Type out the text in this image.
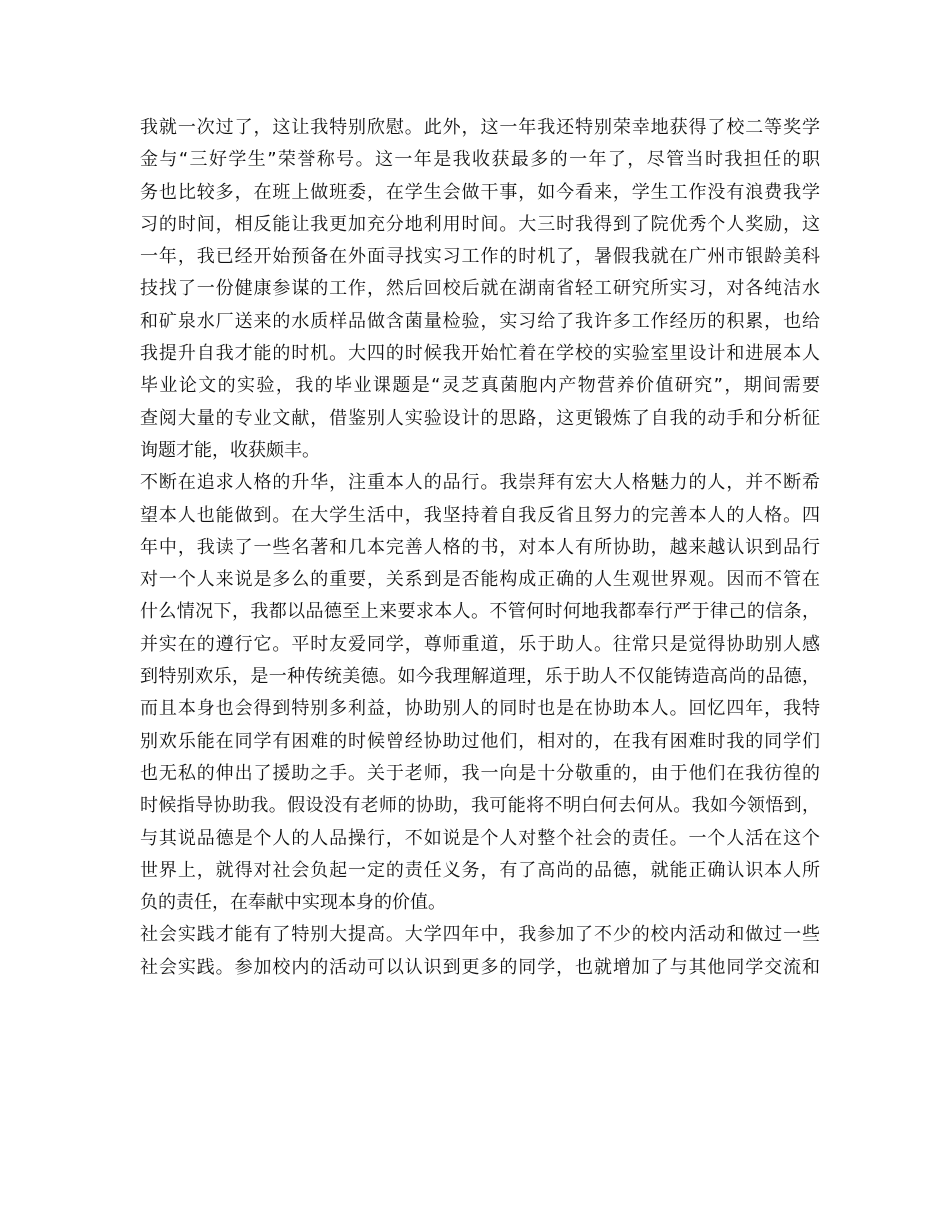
我就一次过了，这让我特别欣慰。此外，这一年我还特别荣幸地获得了校二等奖学
金与“三好学生”荣誉称号。这一年是我收获最多的一年了，尽管当时我担任的职
务也比较多，在班上做班委，在学生会做干事，如今看来，学生工作没有浪费我学
习的时间，相反能让我更加充分地利用时间。大三时我得到了院优秀个人奖励，这
一年，我已经开始预备在外面寻找实习工作的时机了，暑假我就在广州市银龄美科
技找了一份健康参谋的工作，然后回校后就在湖南省轻工研究所实习，对各纯洁水
和矿泉水厂送来的水质样品做含菌量检验，实习给了我许多工作经历的积累，也给
我提升自我才能的时机。大四的时候我开始忙着在学校的实验室里设计和进展本人
毕业论文的实验，我的毕业课题是“灵芝真菌胞内产物营养价值研究”，期间需要
查阅大量的专业文献，借鉴别人实验设计的思路，这更锻炼了自我的动手和分析征
询题才能，收获颇丰。
不断在追求人格的升华，注重本人的品行。我崇拜有宏大人格魅力的人，并不断希
望本人也能做到。在大学生活中，我坚持着自我反省且努力的完善本人的人格。四
年中，我读了一些名著和几本完善人格的书，对本人有所协助，越来越认识到品行
对一个人来说是多么的重要，关系到是否能构成正确的人生观世界观。因而不管在
什么情况下，我都以品德至上来要求本人。不管何时何地我都奉行严于律己的信条，
并实在的遵行它。平时友爱同学，尊师重道，乐于助人。往常只是觉得协助别人感
到特别欢乐，是一种传统美德。如今我理解道理，乐于助人不仅能铸造高尚的品德，
而且本身也会得到特别多利益，协助别人的同时也是在协助本人。回忆四年，我特
别欢乐能在同学有困难的时候曾经协助过他们，相对的，在我有困难时我的同学们
也无私的伸出了援助之手。关于老师，我一向是十分敬重的，由于他们在我彷徨的
时候指导协助我。假设没有老师的协助，我可能将不明白何去何从。我如今领悟到，
与其说品德是个人的人品操行，不如说是个人对整个社会的责任。一个人活在这个
世界上，就得对社会负起一定的责任义务，有了高尚的品德，就能正确认识本人所
负的责任，在奉献中实现本身的价值。
社会实践才能有了特别大提高。大学四年中，我参加了不少的校内活动和做过一些
社会实践。参加校内的活动可以认识到更多的同学，也就增加了与其他同学交流和
